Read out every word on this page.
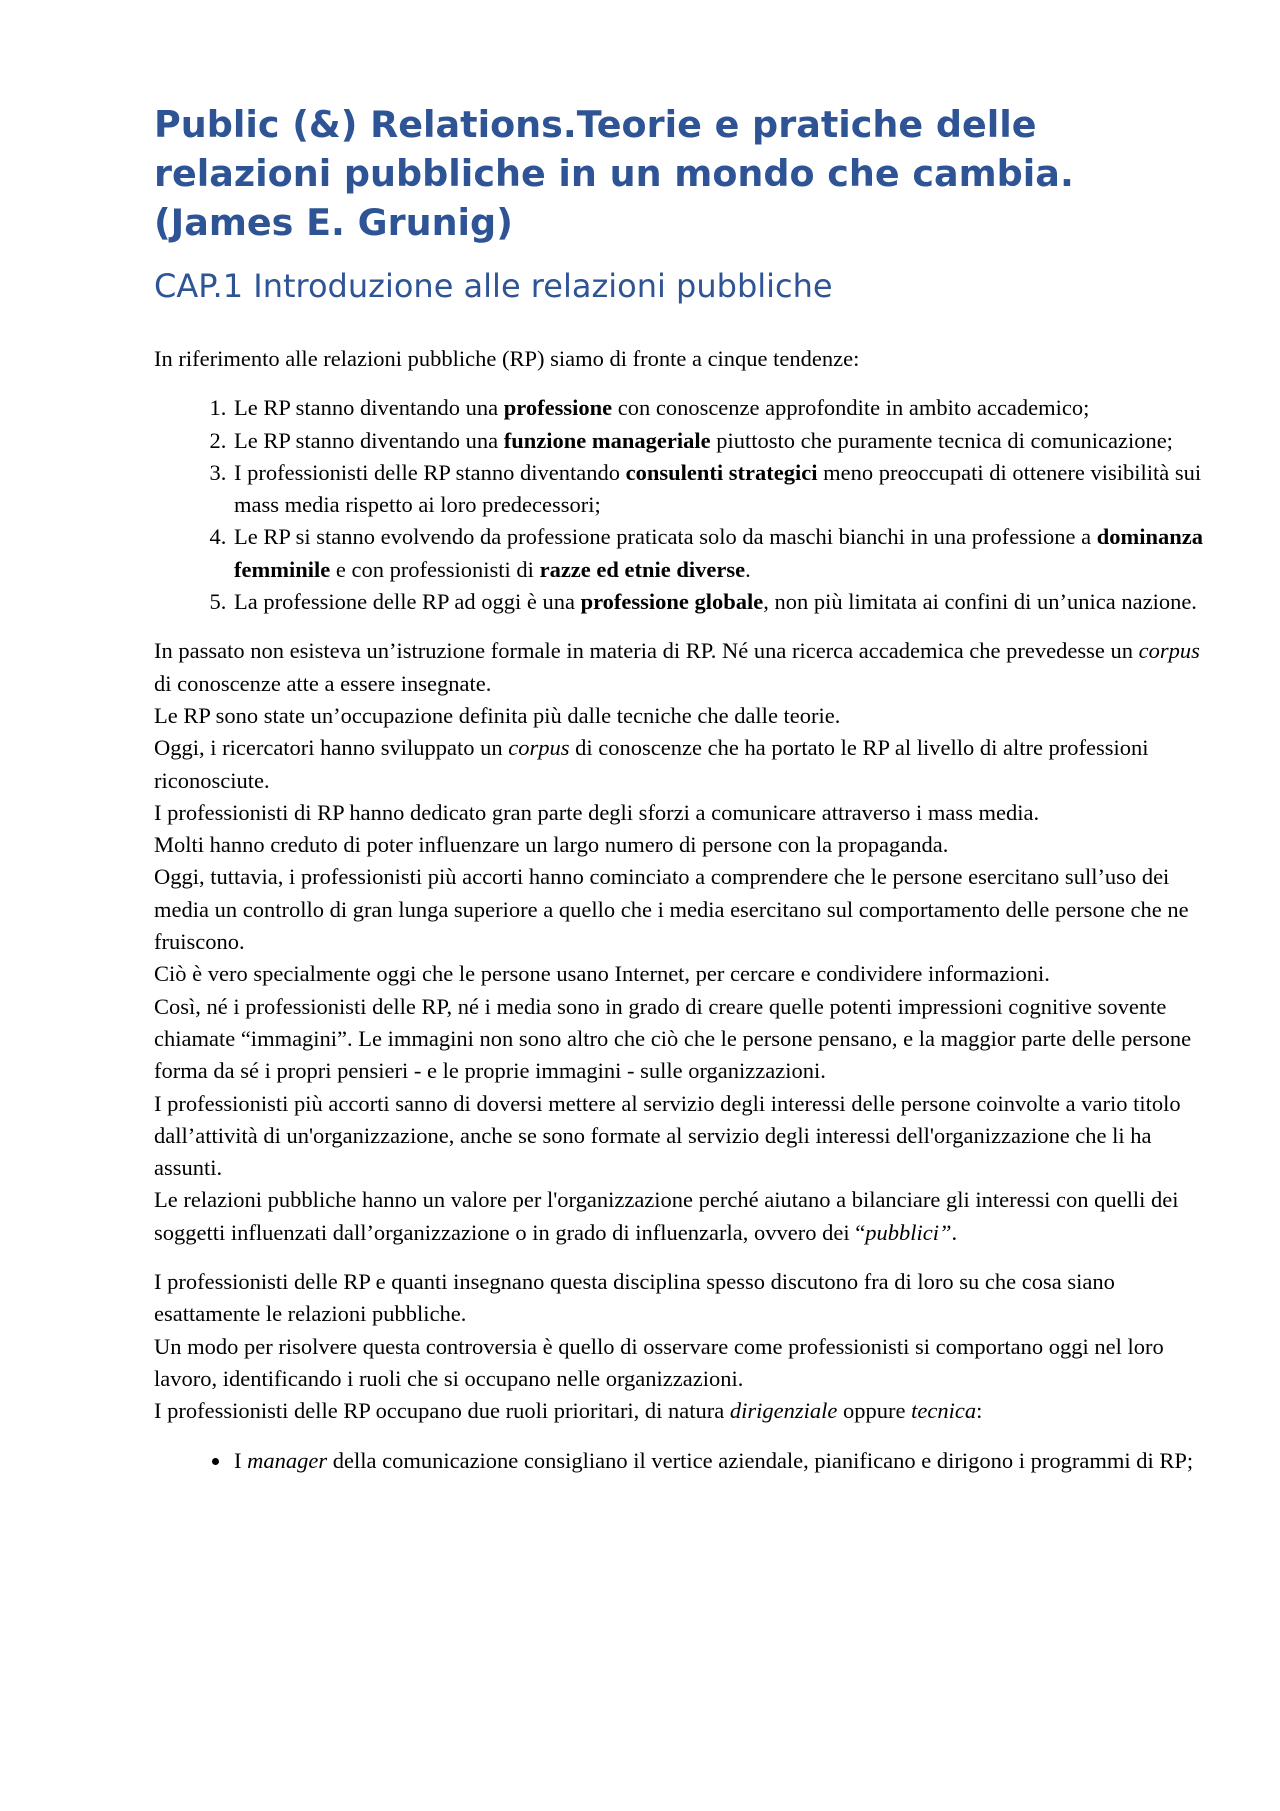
Public (&) Relations.Teorie e pratiche delle relazioni pubbliche in un mondo che cambia. (James E. Grunig)
CAP.1 Introduzione alle relazioni pubbliche

In riferimento alle relazioni pubbliche (RP) siamo di fronte a cinque tendenze:

1. Le RP stanno diventando una professione con conoscenze approfondite in ambito accademico;
2. Le RP stanno diventando una funzione manageriale piuttosto che puramente tecnica di comunicazione;
3. I professionisti delle RP stanno diventando consulenti strategici meno preoccupati di ottenere visibilità sui mass media rispetto ai loro predecessori;
4. Le RP si stanno evolvendo da professione praticata solo da maschi bianchi in una professione a dominanza femminile e con professionisti di razze ed etnie diverse.
5. La professione delle RP ad oggi è una professione globale, non più limitata ai confini di un’unica nazione.

In passato non esisteva un’istruzione formale in materia di RP. Né una ricerca accademica che prevedesse un corpus di conoscenze atte a essere insegnate.

Le RP sono state un’occupazione definita più dalle tecniche che dalle teorie.

Oggi, i ricercatori hanno sviluppato un corpus di conoscenze che ha portato le RP al livello di altre professioni riconosciute.

I professionisti di RP hanno dedicato gran parte degli sforzi a comunicare attraverso i mass media.

Molti hanno creduto di poter influenzare un largo numero di persone con la propaganda.

Oggi, tuttavia, i professionisti più accorti hanno cominciato a comprendere che le persone esercitano sull’uso dei media un controllo di gran lunga superiore a quello che i media esercitano sul comportamento delle persone che ne fruiscono.

Ciò è vero specialmente oggi che le persone usano Internet, per cercare e condividere informazioni.

Così, né i professionisti delle RP, né i media sono in grado di creare quelle potenti impressioni cognitive sovente chiamate “immagini”. Le immagini non sono altro che ciò che le persone pensano, e la maggior parte delle persone forma da sé i propri pensieri - e le proprie immagini - sulle organizzazioni.

I professionisti più accorti sanno di doversi mettere al servizio degli interessi delle persone coinvolte a vario titolo dall’attività di un'organizzazione, anche se sono formate al servizio degli interessi dell'organizzazione che li ha assunti.

Le relazioni pubbliche hanno un valore per l'organizzazione perché aiutano a bilanciare gli interessi con quelli dei soggetti influenzati dall’organizzazione o in grado di influenzarla, ovvero dei “pubblici”.

I professionisti delle RP e quanti insegnano questa disciplina spesso discutono fra di loro su che cosa siano esattamente le relazioni pubbliche.

Un modo per risolvere questa controversia è quello di osservare come professionisti si comportano oggi nel loro lavoro, identificando i ruoli che si occupano nelle organizzazioni.

I professionisti delle RP occupano due ruoli prioritari, di natura dirigenziale oppure tecnica:

• I manager della comunicazione consigliano il vertice aziendale, pianificano e dirigono i programmi di RP;
